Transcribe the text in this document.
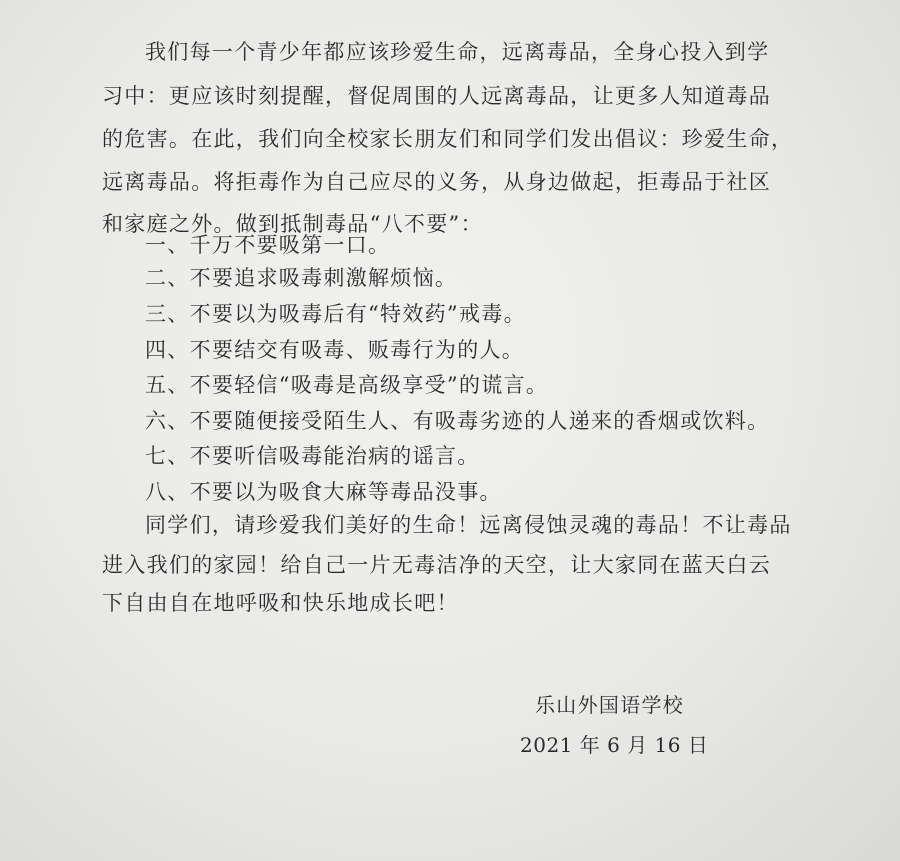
我们每一个青少年都应该珍爱生命，远离毒品，全身心投入到学
习中：更应该时刻提醒，督促周围的人远离毒品，让更多人知道毒品
的危害。在此，我们向全校家长朋友们和同学们发出倡议：珍爱生命，
远离毒品。将拒毒作为自己应尽的义务，从身边做起，拒毒品于社区
和家庭之外。做到抵制毒品“八不要”：
一、千万不要吸第一口。
二、不要追求吸毒刺激解烦恼。
三、不要以为吸毒后有“特效药”戒毒。
四、不要结交有吸毒、贩毒行为的人。
五、不要轻信“吸毒是高级享受”的谎言。
六、不要随便接受陌生人、有吸毒劣迹的人递来的香烟或饮料。
七、不要听信吸毒能治病的谣言。
八、不要以为吸食大麻等毒品没事。
同学们，请珍爱我们美好的生命！远离侵蚀灵魂的毒品！不让毒品
进入我们的家园！给自己一片无毒洁净的天空，让大家同在蓝天白云
下自由自在地呼吸和快乐地成长吧！
乐山外国语学校
2021 年 6 月 16 日
